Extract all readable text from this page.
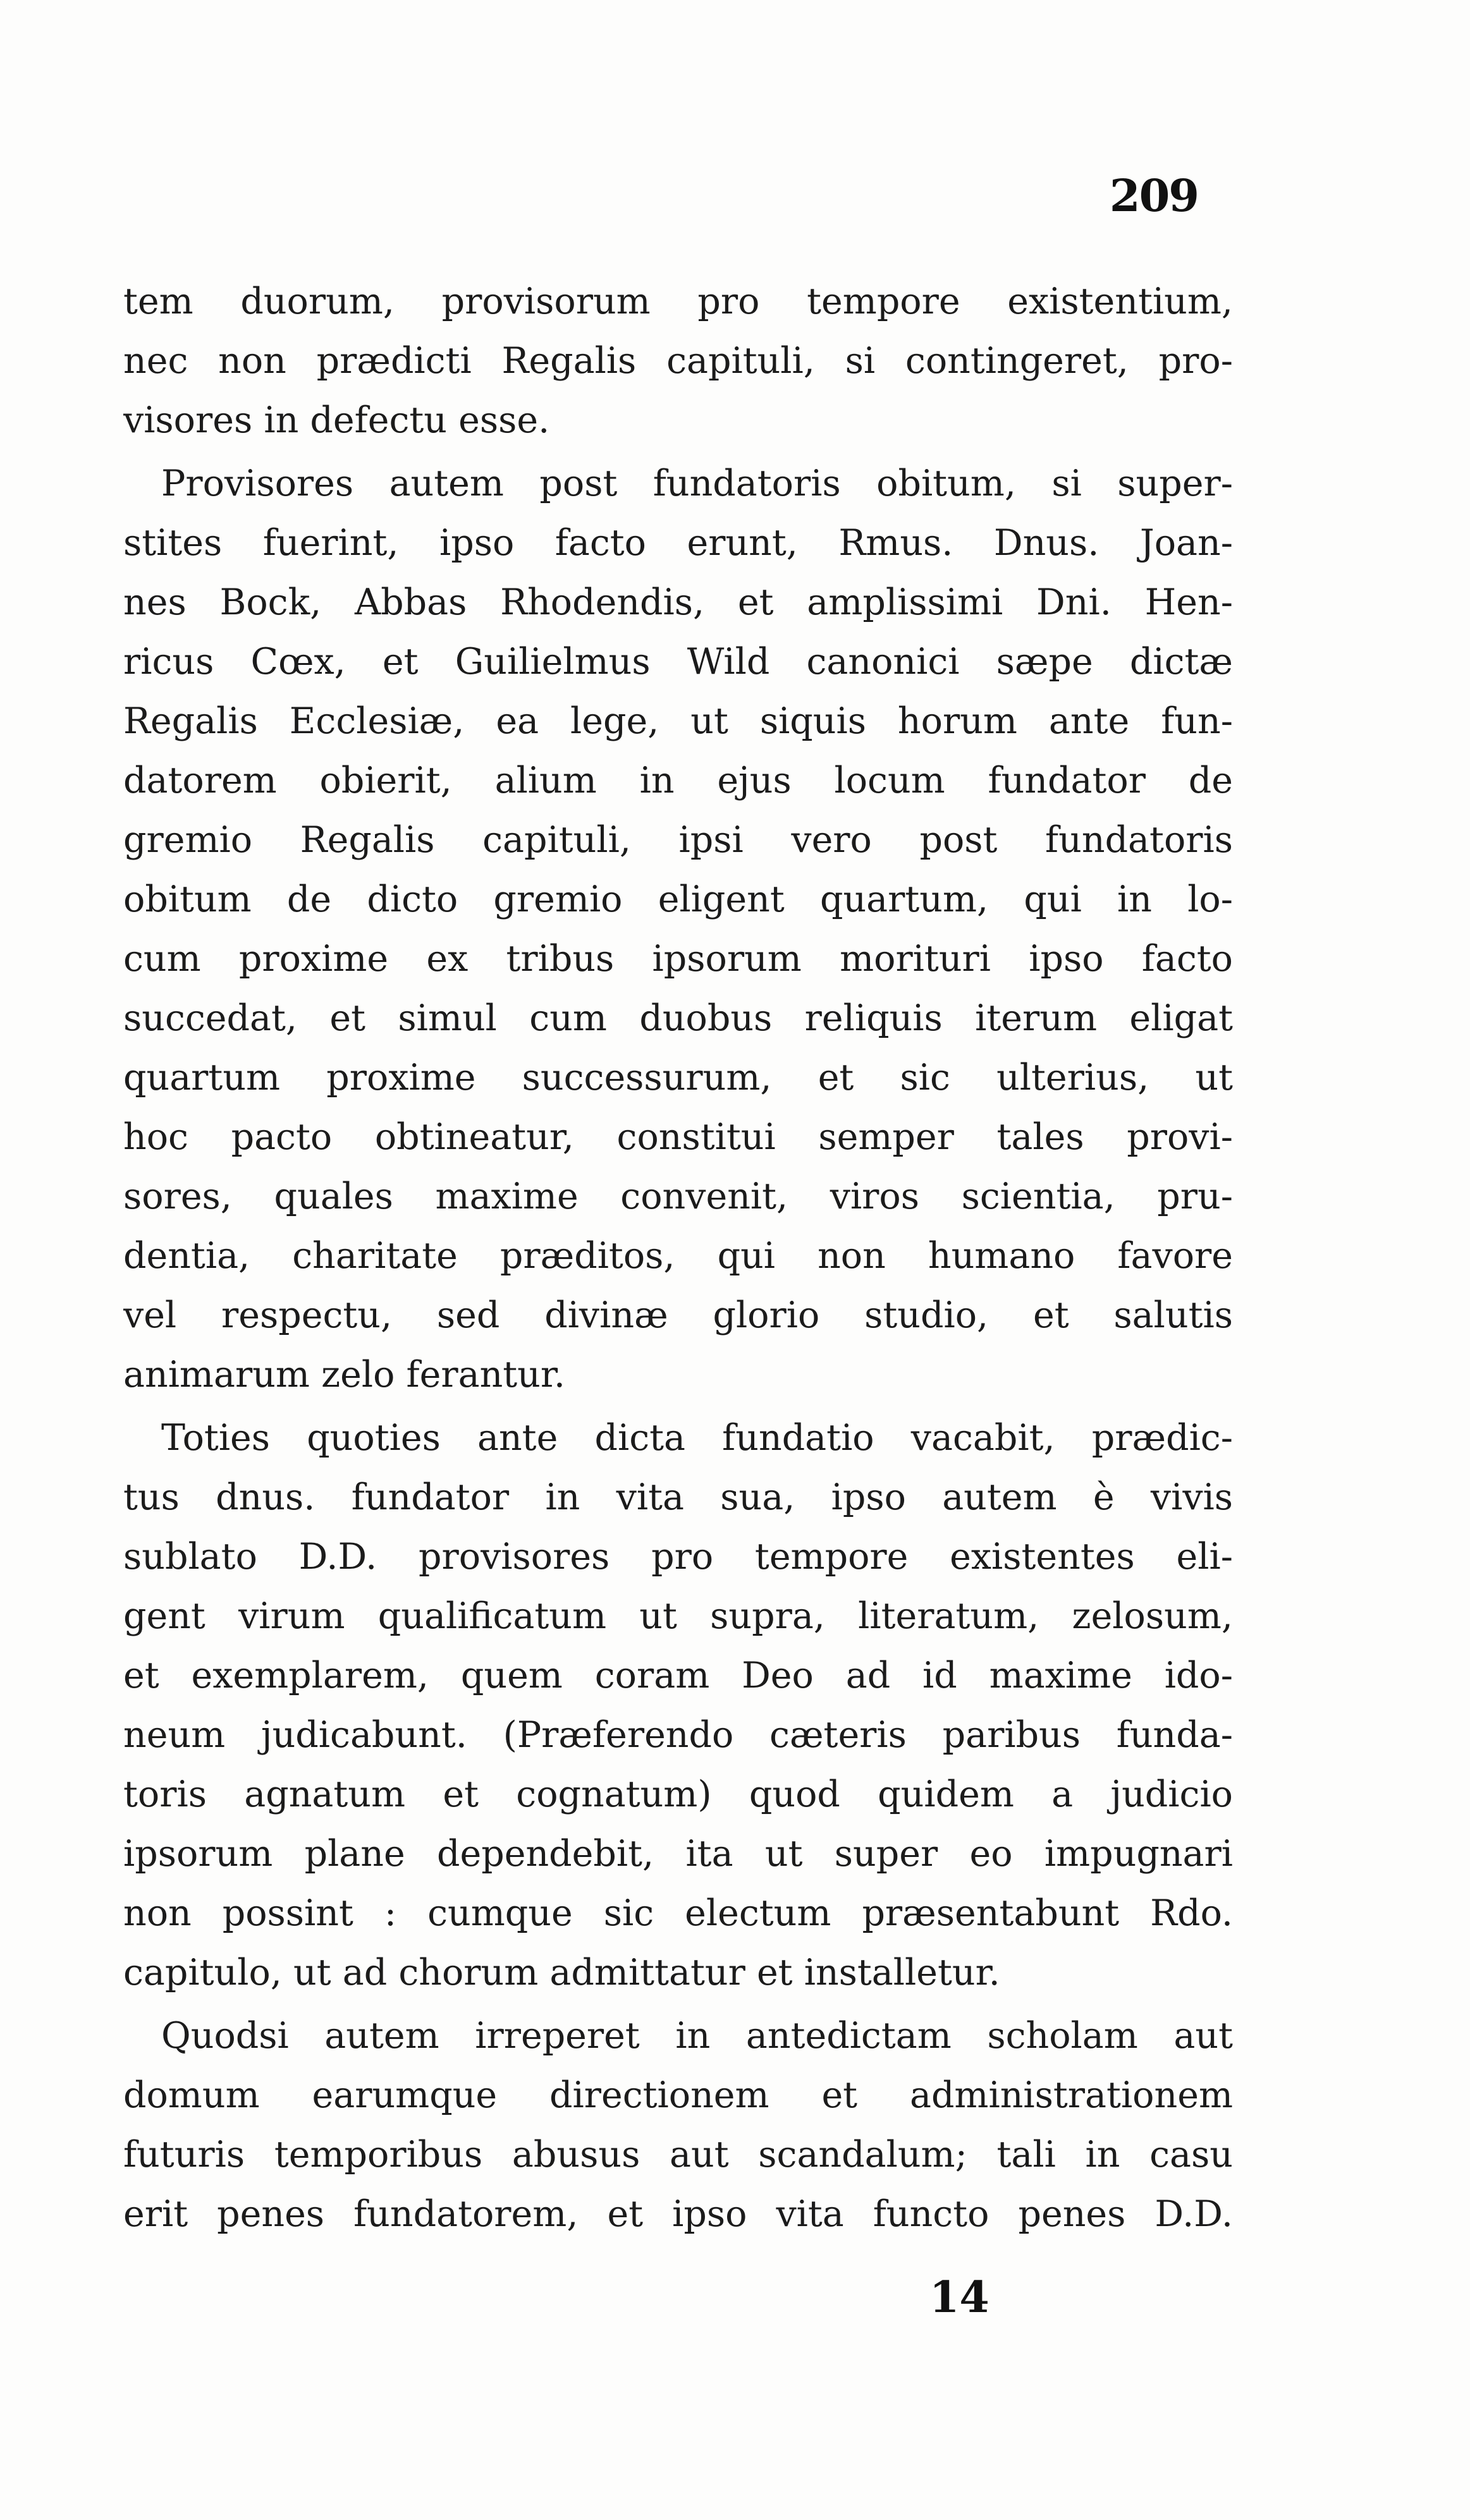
209
tem duorum, provisorum pro tempore existentium,
nec non prædicti Regalis capituli, si contingeret, pro-
visores in defectu esse.
Provisores autem post fundatoris obitum, si super-
stites fuerint, ipso facto erunt, Rmus. Dnus. Joan-
nes Bock, Abbas Rhodendis, et amplissimi Dni. Hen-
ricus Cœx, et Guilielmus Wild canonici sæpe dictæ
Regalis Ecclesiæ, ea lege, ut siquis horum ante fun-
datorem obierit, alium in ejus locum fundator de
gremio Regalis capituli, ipsi vero post fundatoris
obitum de dicto gremio eligent quartum, qui in lo-
cum proxime ex tribus ipsorum morituri ipso facto
succedat, et simul cum duobus reliquis iterum eligat
quartum proxime successurum, et sic ulterius, ut
hoc pacto obtineatur, constitui semper tales provi-
sores, quales maxime convenit, viros scientia, pru-
dentia, charitate præditos, qui non humano favore
vel respectu, sed divinæ glorio studio, et salutis
animarum zelo ferantur.
Toties quoties ante dicta fundatio vacabit, prædic-
tus dnus. fundator in vita sua, ipso autem è vivis
sublato D.D. provisores pro tempore existentes eli-
gent virum qualificatum ut supra, literatum, zelosum,
et exemplarem, quem coram Deo ad id maxime ido-
neum judicabunt. (Præferendo cæteris paribus funda-
toris agnatum et cognatum) quod quidem a judicio
ipsorum plane dependebit, ita ut super eo impugnari
non possint : cumque sic electum præsentabunt Rdo.
capitulo, ut ad chorum admittatur et installetur.
Quodsi autem irreperet in antedictam scholam aut
domum earumque directionem et administrationem
futuris temporibus abusus aut scandalum; tali in casu
erit penes fundatorem, et ipso vita functo penes D.D.
14
